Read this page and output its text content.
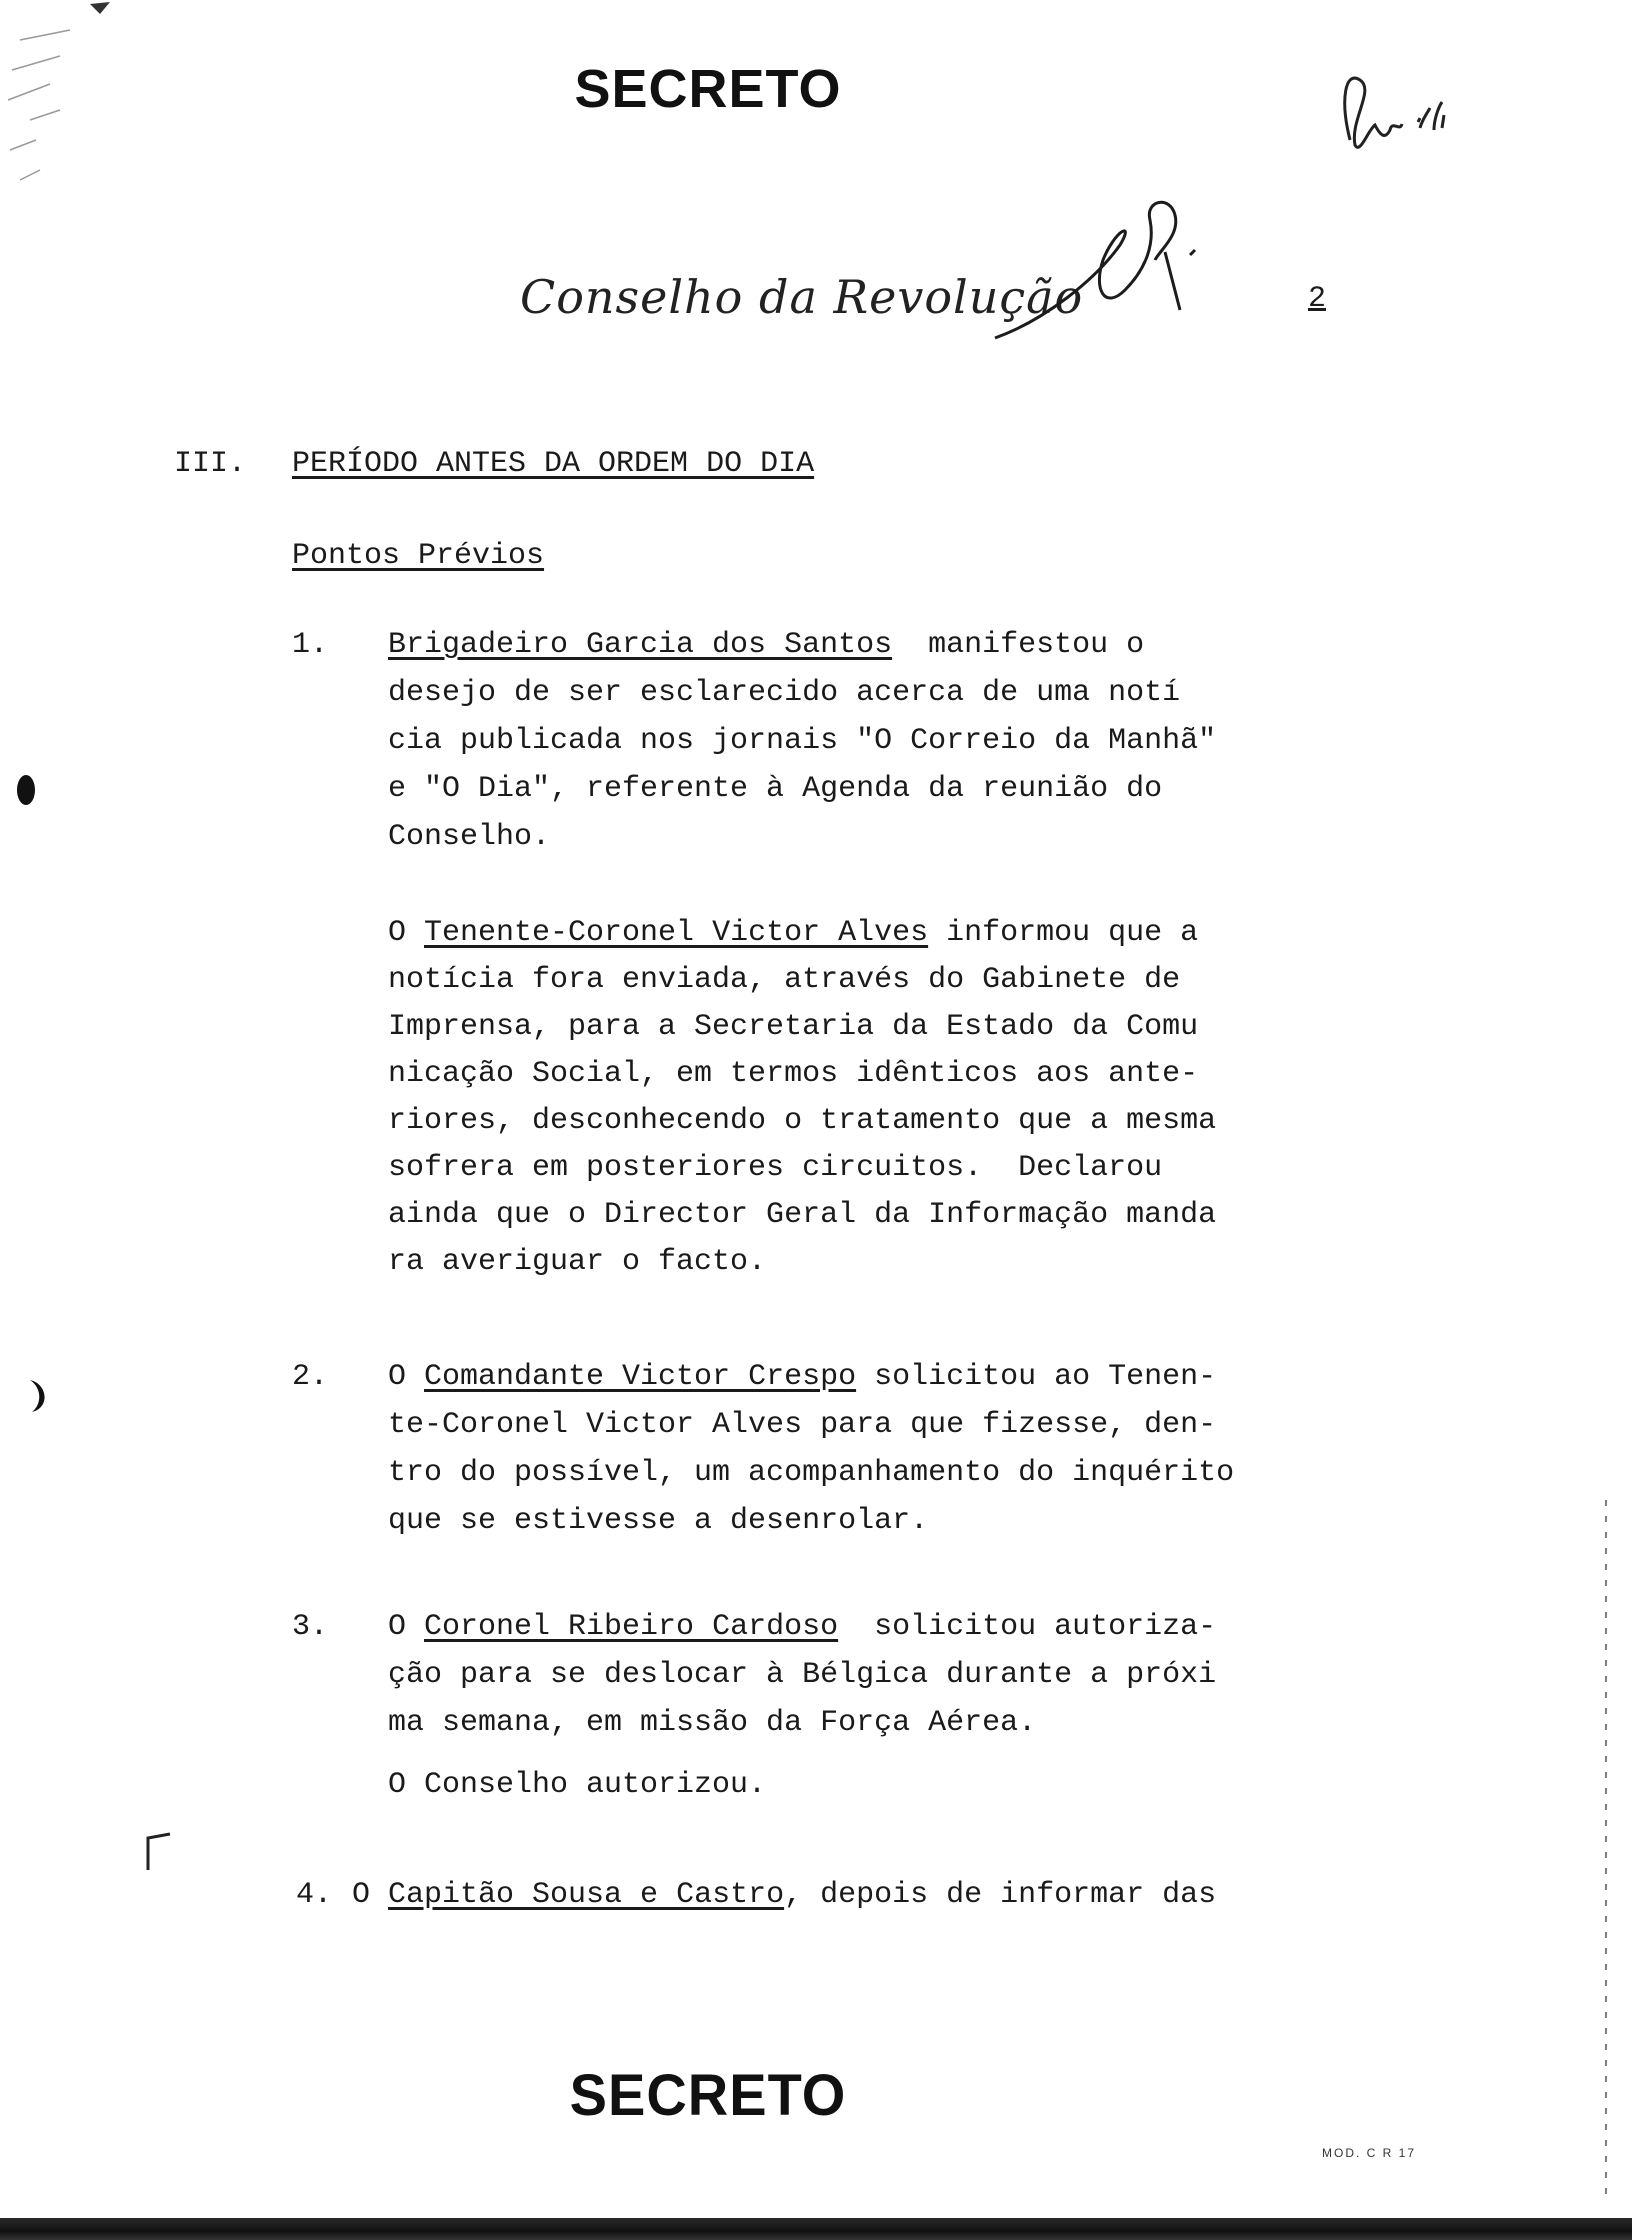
SECRETO
Conselho da Revolução	2
III. PERÍODO ANTES DA ORDEM DO DIA
Pontos Prévios
1. Brigadeiro Garcia dos Santos  manifestou o
desejo de ser esclarecido acerca de uma notí
cia publicada nos jornais "O Correio da Manhã"
e "O Dia", referente à Agenda da reunião do
Conselho.
O Tenente-Coronel Victor Alves informou que a
notícia fora enviada, através do Gabinete de
Imprensa, para a Secretaria da Estado da Comu
nicação Social, em termos idênticos aos ante-
riores, desconhecendo o tratamento que a mesma
sofrera em posteriores circuitos.  Declarou
ainda que o Director Geral da Informação manda
ra averiguar o facto.
2. O Comandante Victor Crespo solicitou ao Tenen-
te-Coronel Victor Alves para que fizesse, den-
tro do possível, um acompanhamento do inquérito
que se estivesse a desenrolar.
3. O Coronel Ribeiro Cardoso  solicitou autoriza-
ção para se deslocar à Bélgica durante a próxi
ma semana, em missão da Força Aérea.
O Conselho autorizou.
4. O Capitão Sousa e Castro, depois de informar das
SECRETO
MOD. C R 17
